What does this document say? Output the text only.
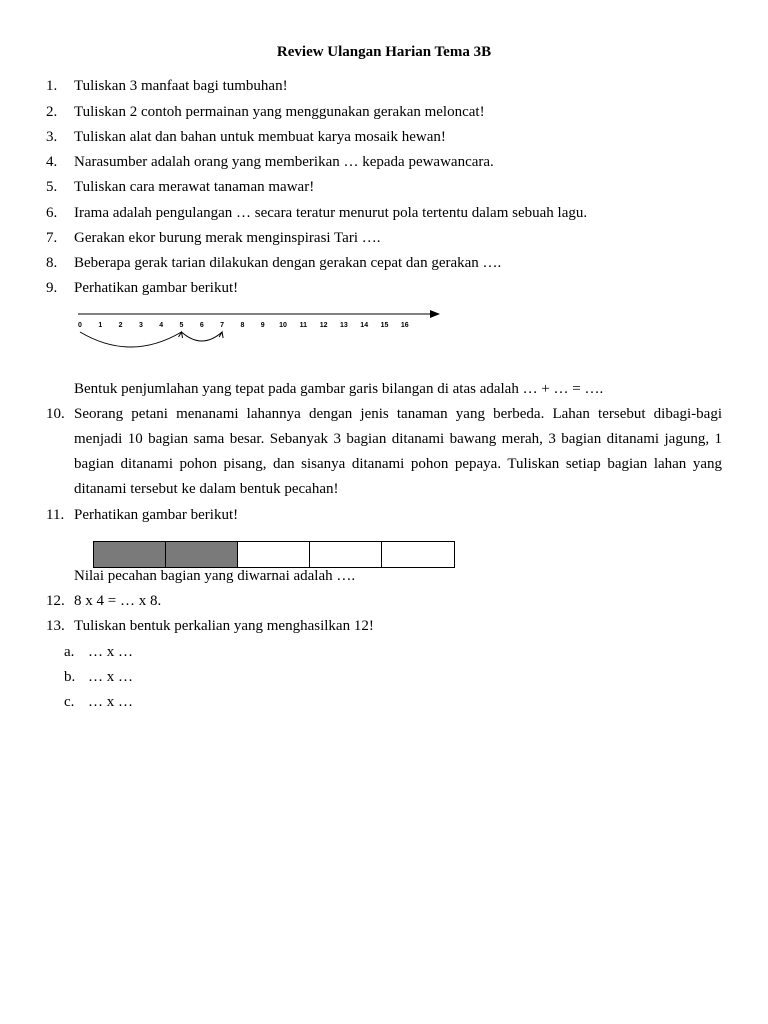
Review Ulangan Harian Tema 3B
1.	Tuliskan 3 manfaat bagi tumbuhan!
2.	Tuliskan 2 contoh permainan yang menggunakan gerakan meloncat!
3.	Tuliskan alat dan bahan untuk membuat karya mosaik hewan!
4.	Narasumber adalah orang yang memberikan … kepada pewawancara.
5.	Tuliskan cara merawat tanaman mawar!
6.	Irama adalah pengulangan … secara teratur menurut pola tertentu dalam sebuah lagu.
7.	Gerakan ekor burung merak menginspirasi Tari ….
8.	Beberapa gerak tarian dilakukan dengan gerakan cepat dan gerakan ….
9.	Perhatikan gambar berikut!
0 1 2 3 4 5 6 7 8 9 10 11 12 13 14 15 16
Bentuk penjumlahan yang tepat pada gambar garis bilangan di atas adalah … + … = ….
10. Seorang petani menanami lahannya dengan jenis tanaman yang berbeda. Lahan tersebut dibagi-bagi menjadi 10 bagian sama besar. Sebanyak 3 bagian ditanami bawang merah, 3 bagian ditanami jagung, 1 bagian ditanami pohon pisang, dan sisanya ditanami pohon pepaya. Tuliskan setiap bagian lahan yang ditanami tersebut ke dalam bentuk pecahan!
11. Perhatikan gambar berikut!
Nilai pecahan bagian yang diwarnai adalah ….
12. 8 x 4 = … x 8.
13. Tuliskan bentuk perkalian yang menghasilkan 12!
a. … x …
b. … x …
c. … x …
